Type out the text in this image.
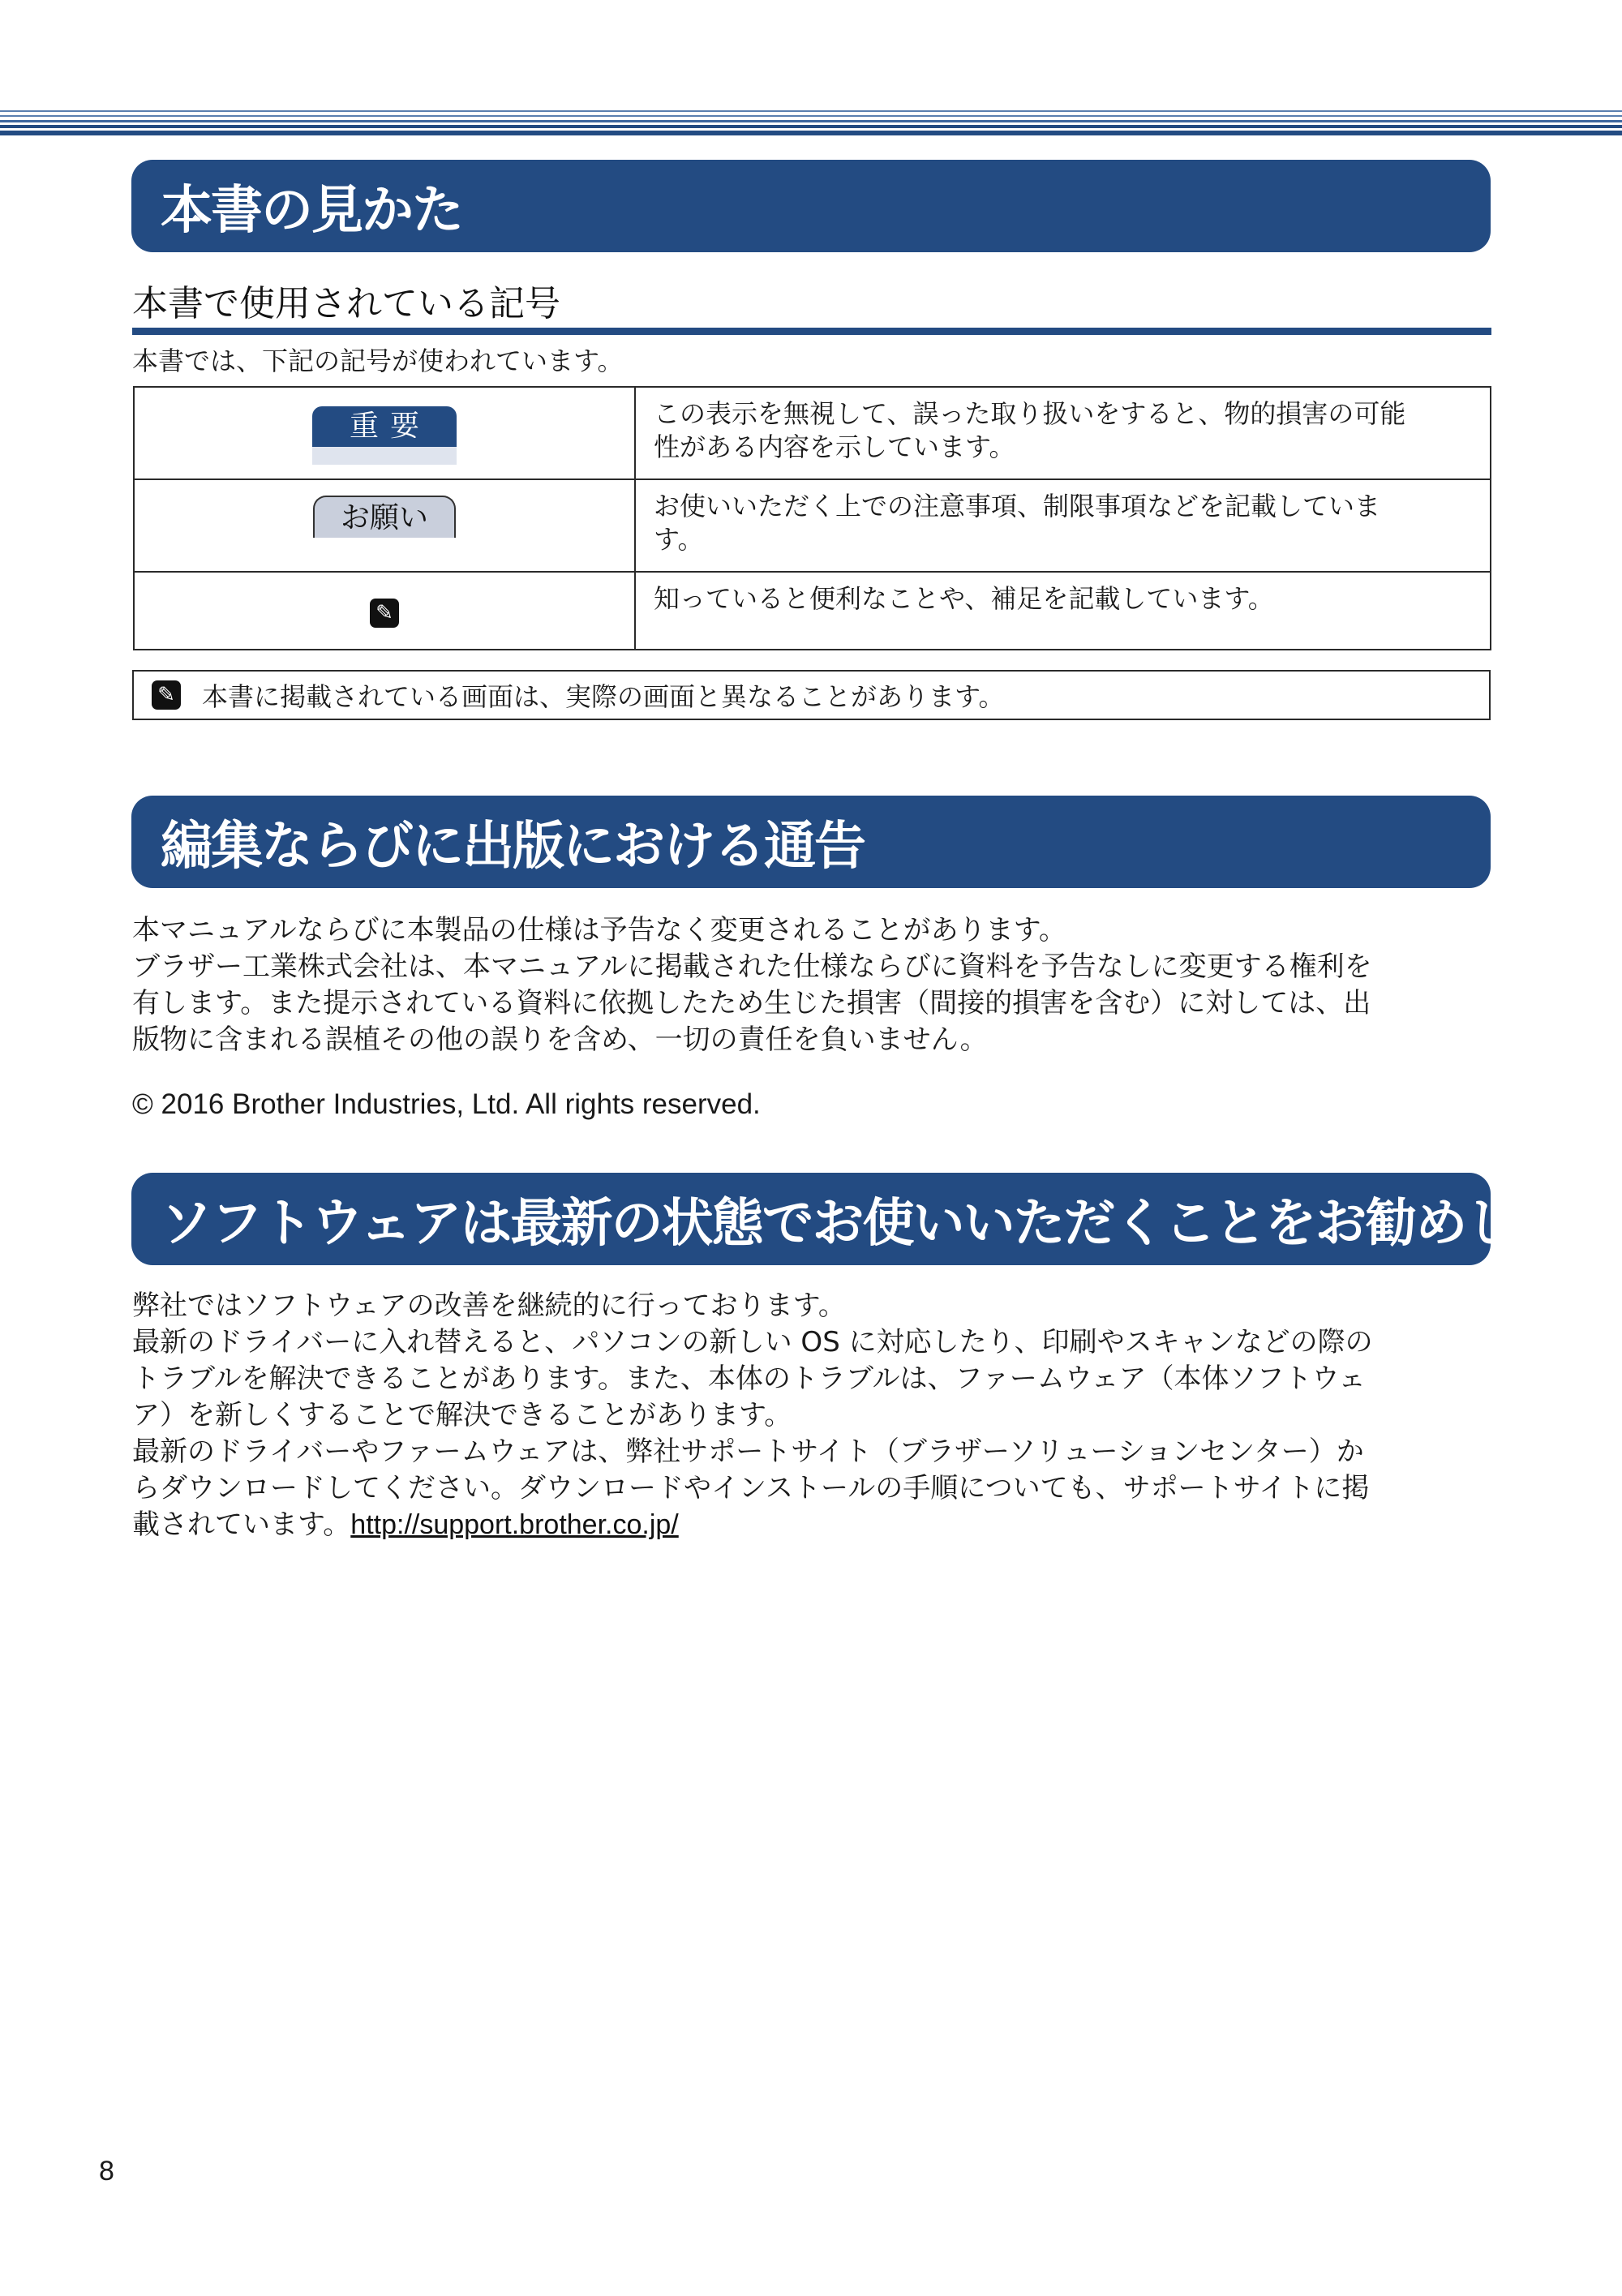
本書の見かた
本書で使用されている記号
本書では、下記の記号が使われています。
重要	この表示を無視して、誤った取り扱いをすると、物的損害の可能
性がある内容を示しています。

お願い	お使いいただく上での注意事項、制限事項などを記載していま
す。

✎	知っていると便利なことや、補足を記載しています。
✎ 本書に掲載されている画面は、実際の画面と異なることがあります。
編集ならびに出版における通告

本マニュアルならびに本製品の仕様は予告なく変更されることがあります。

ブラザー工業株式会社は、本マニュアルに掲載された仕様ならびに資料を予告なしに変更する権利を

有します。また提示されている資料に依拠したため生じた損害（間接的損害を含む）に対しては、出

版物に含まれる誤植その他の誤りを含め、一切の責任を負いません。

© 2016 Brother Industries, Ltd. All rights reserved.
ソフトウェアは最新の状態でお使いいただくことをお勧めします

弊社ではソフトウェアの改善を継続的に行っております。

最新のドライバーに入れ替えると、パソコンの新しい OS に対応したり、印刷やスキャンなどの際の

トラブルを解決できることがあります。また、本体のトラブルは、ファームウェア（本体ソフトウェ

ア）を新しくすることで解決できることがあります。

最新のドライバーやファームウェアは、弊社サポートサイト（ブラザーソリューションセンター）か

らダウンロードしてください。ダウンロードやインストールの手順についても、サポートサイトに掲

載されています。http://support.brother.co.jp/

8
